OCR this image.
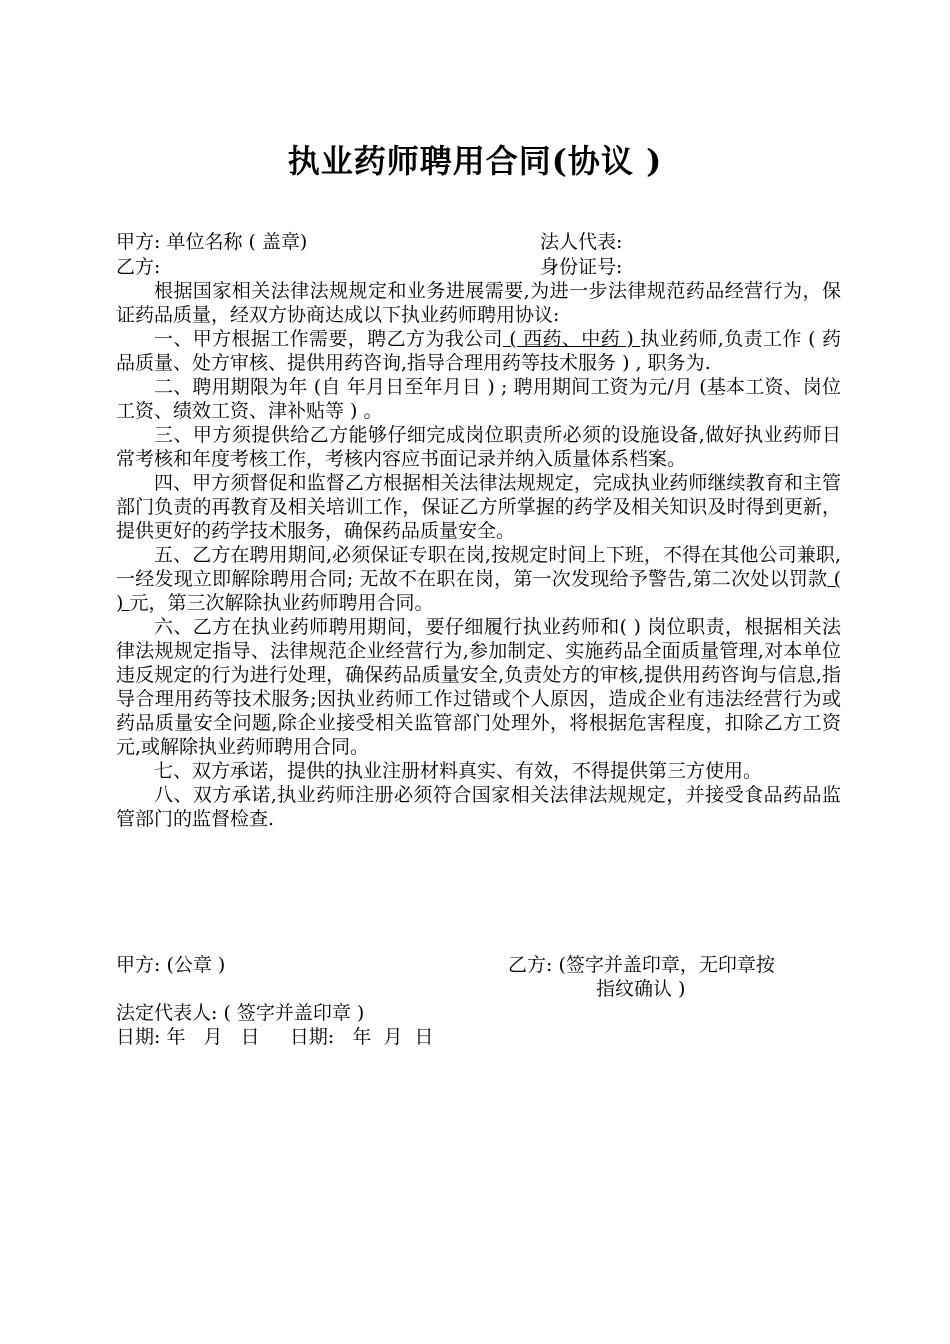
执业药师聘用合同(协议 )
甲方: 单位名称 ( 盖章)	法人代表:
乙方:	身份证号:

根据国家相关法律法规规定和业务进展需要,为进一步法律规范药品经营行为，保证药品质量，经双方协商达成以下执业药师聘用协议:

一、甲方根据工作需要，聘乙方为我公司 ( 西药、中药 ) 执业药师,负责工作 ( 药品质量、处方审核、提供用药咨询,指导合理用药等技术服务 ) , 职务为.

二、聘用期限为年 (自 年月日至年月日 ) ; 聘用期间工资为元/月 (基本工资、岗位工资、绩效工资、津补贴等 ) 。

三、甲方须提供给乙方能够仔细完成岗位职责所必须的设施设备,做好执业药师日常考核和年度考核工作，考核内容应书面记录并纳入质量体系档案。

四、甲方须督促和监督乙方根据相关法律法规规定，完成执业药师继续教育和主管部门负责的再教育及相关培训工作，保证乙方所掌握的药学及相关知识及时得到更新，提供更好的药学技术服务，确保药品质量安全。

五、乙方在聘用期间,必须保证专职在岗,按规定时间上下班，不得在其他公司兼职,一经发现立即解除聘用合同; 无故不在职在岗，第一次发现给予警告,第二次处以罚款 ( ) 元，第三次解除执业药师聘用合同。

六、乙方在执业药师聘用期间，要仔细履行执业药师和( ) 岗位职责，根据相关法律法规规定指导、法律规范企业经营行为,参加制定、实施药品全面质量管理,对本单位违反规定的行为进行处理，确保药品质量安全,负责处方的审核,提供用药咨询与信息,指导合理用药等技术服务;因执业药师工作过错或个人原因，造成企业有违法经营行为或药品质量安全问题,除企业接受相关监管部门处理外，将根据危害程度，扣除乙方工资元,或解除执业药师聘用合同。

七、双方承诺，提供的执业注册材料真实、有效，不得提供第三方使用。

八、双方承诺,执业药师注册必须符合国家相关法律法规规定，并接受食品药品监管部门的监督检查.

甲方: (公章 )	乙方: (签字并盖印章，无印章按
指纹确认 )
法定代表人: ( 签字并盖印章 )
日期: 年   月   日     日期:   年  月  日
